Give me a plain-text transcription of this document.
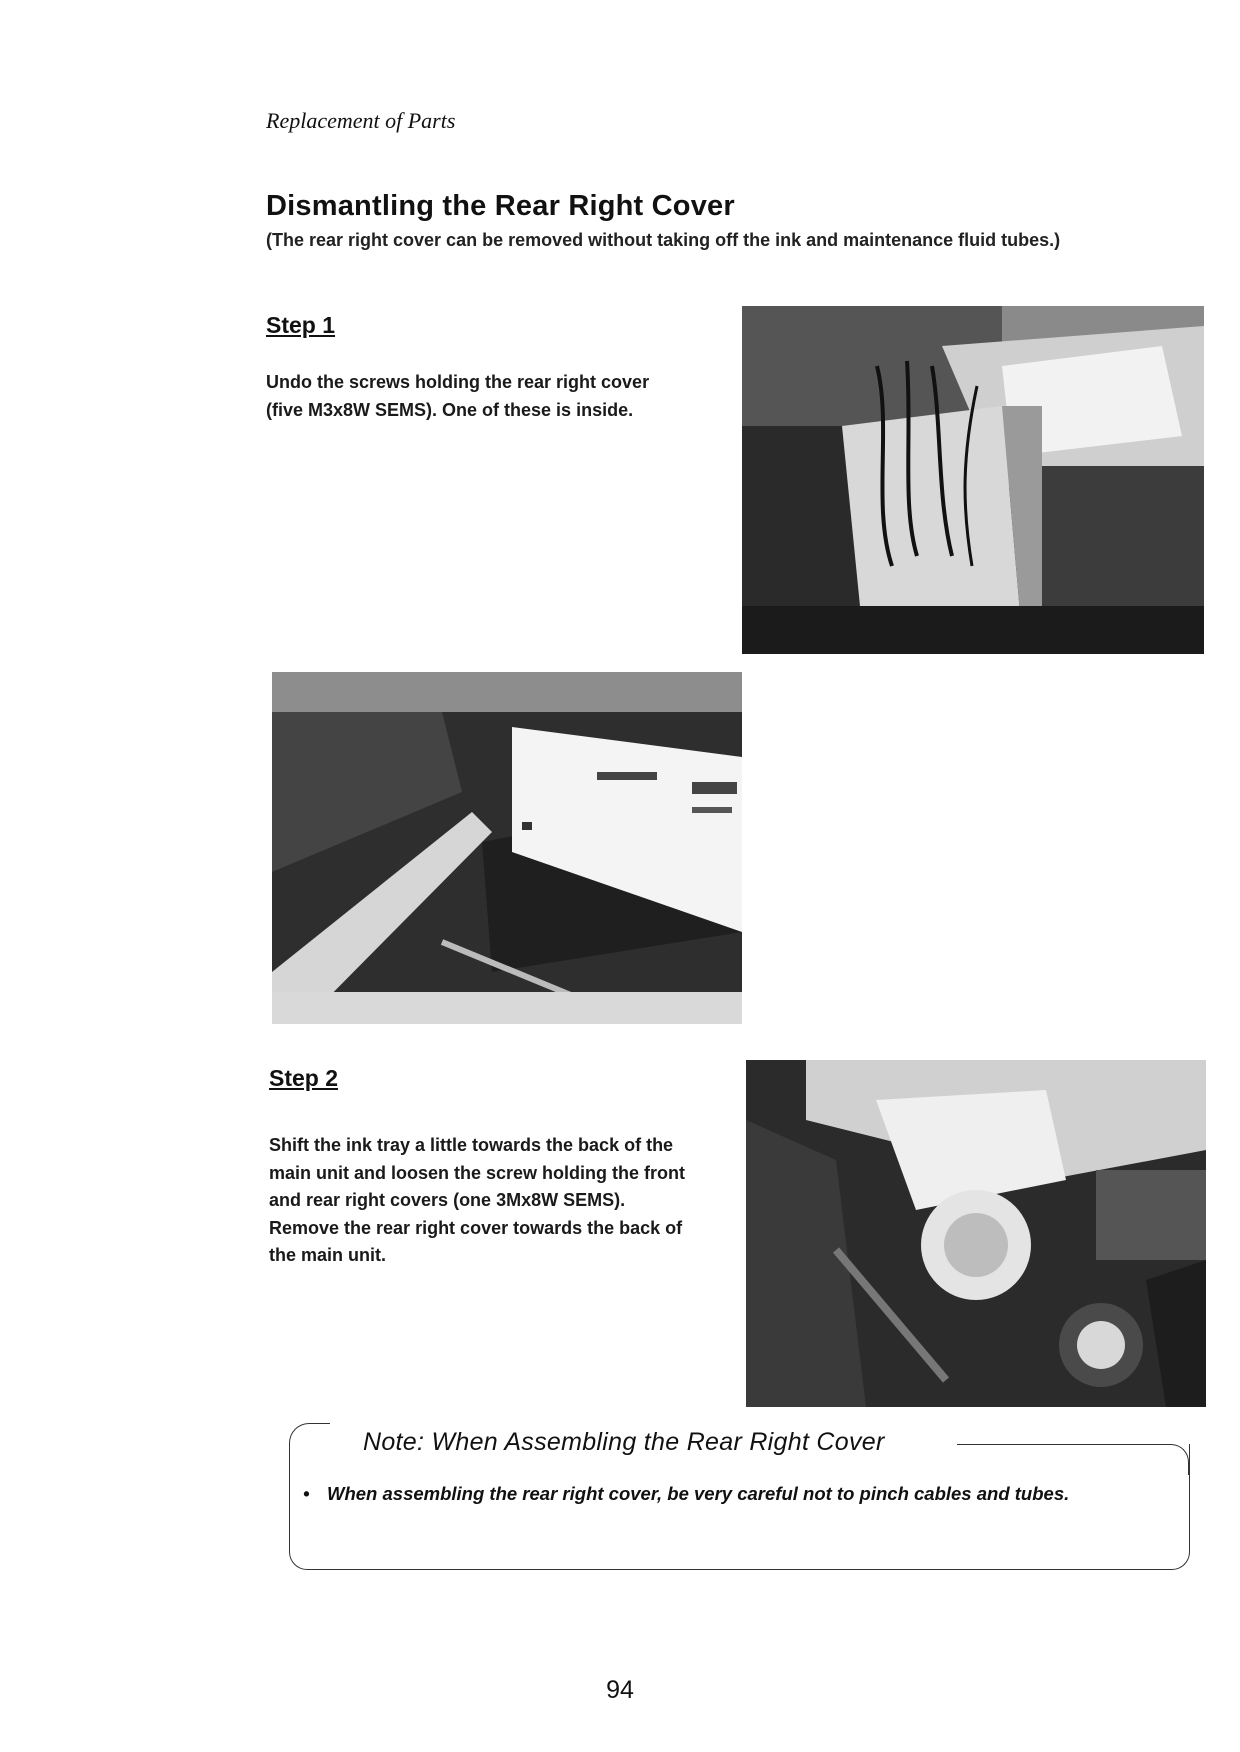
Replacement of Parts
Dismantling the Rear Right Cover
(The rear right cover can be removed without taking off the ink and maintenance fluid tubes.)
Step 1
Undo the screws holding the rear right cover (five M3x8W SEMS). One of these is inside.
Step 2
Shift the ink tray a little towards the back of the main unit and loosen the screw holding the front and rear right covers (one 3Mx8W SEMS).
Remove the rear right cover towards the back of the main unit.
Note: When Assembling the Rear Right Cover
• When assembling the rear right cover, be very careful not to pinch cables and tubes.
94
